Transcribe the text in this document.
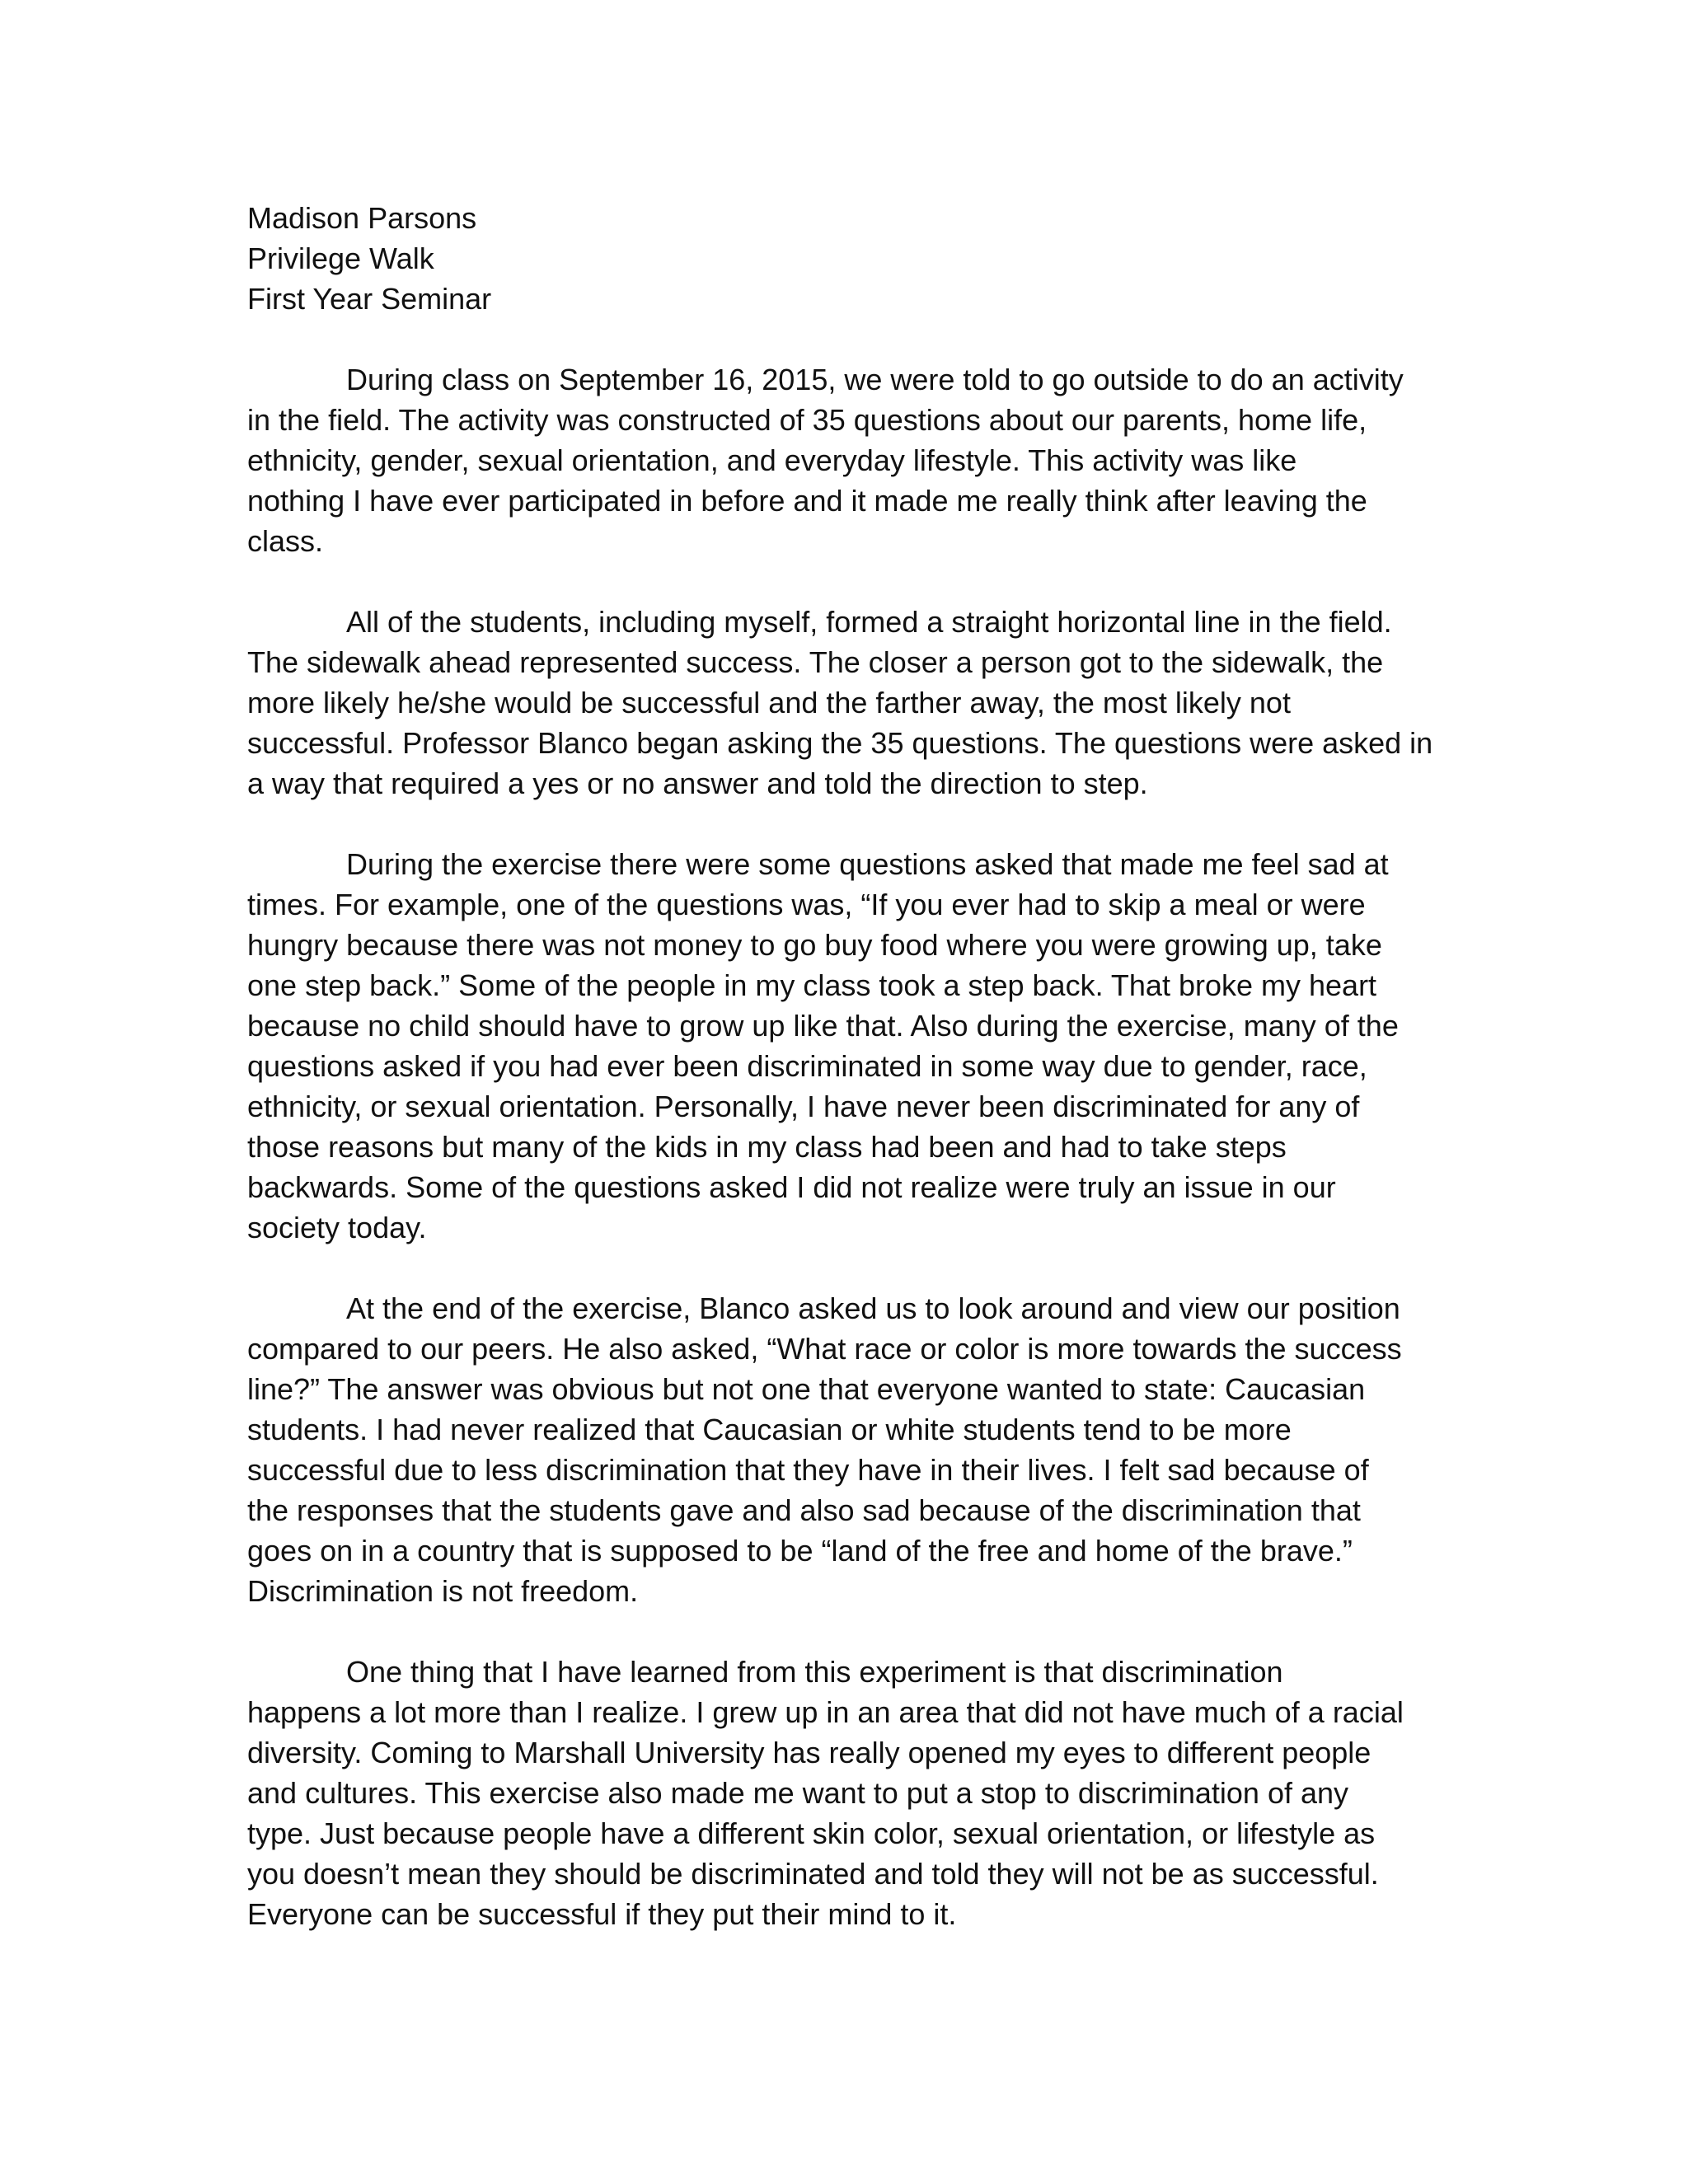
Madison Parsons

Privilege Walk

First Year Seminar

During class on September 16, 2015, we were told to go outside to do an activity
in the field. The activity was constructed of 35 questions about our parents, home life,
ethnicity, gender, sexual orientation, and everyday lifestyle. This activity was like
nothing I have ever participated in before and it made me really think after leaving the
class.

All of the students, including myself, formed a straight horizontal line in the field.
The sidewalk ahead represented success. The closer a person got to the sidewalk, the
more likely he/she would be successful and the farther away, the most likely not
successful. Professor Blanco began asking the 35 questions. The questions were asked in
a way that required a yes or no answer and told the direction to step.

During the exercise there were some questions asked that made me feel sad at
times. For example, one of the questions was, “If you ever had to skip a meal or were
hungry because there was not money to go buy food where you were growing up, take
one step back.” Some of the people in my class took a step back. That broke my heart
because no child should have to grow up like that. Also during the exercise, many of the
questions asked if you had ever been discriminated in some way due to gender, race,
ethnicity, or sexual orientation. Personally, I have never been discriminated for any of
those reasons but many of the kids in my class had been and had to take steps
backwards. Some of the questions asked I did not realize were truly an issue in our
society today.

At the end of the exercise, Blanco asked us to look around and view our position
compared to our peers. He also asked, “What race or color is more towards the success
line?” The answer was obvious but not one that everyone wanted to state: Caucasian
students. I had never realized that Caucasian or white students tend to be more
successful due to less discrimination that they have in their lives. I felt sad because of
the responses that the students gave and also sad because of the discrimination that
goes on in a country that is supposed to be “land of the free and home of the brave.”
Discrimination is not freedom.

One thing that I have learned from this experiment is that discrimination
happens a lot more than I realize. I grew up in an area that did not have much of a racial
diversity. Coming to Marshall University has really opened my eyes to different people
and cultures. This exercise also made me want to put a stop to discrimination of any
type. Just because people have a different skin color, sexual orientation, or lifestyle as
you doesn’t mean they should be discriminated and told they will not be as successful.
Everyone can be successful if they put their mind to it.
